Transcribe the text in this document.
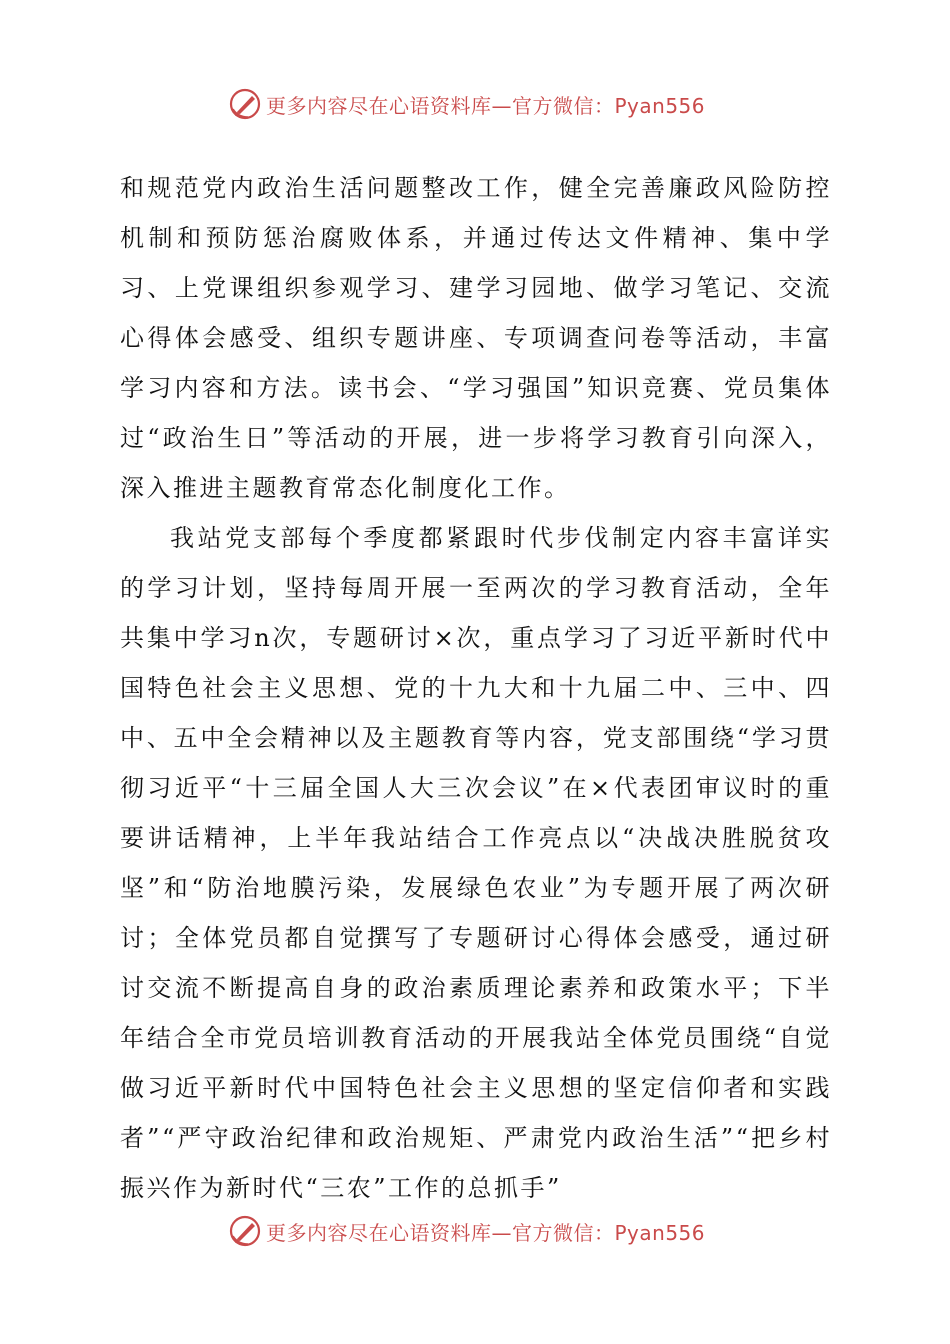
更多内容尽在心语资料库—官方微信：Pyan556

和规范党内政治生活问题整改工作，健全完善廉政风险防控机制和预防惩治腐败体系，并通过传达文件精神、集中学习、上党课组织参观学习、建学习园地、做学习笔记、交流心得体会感受、组织专题讲座、专项调查问卷等活动，丰富学习内容和方法。读书会、“学习强国”知识竞赛、党员集体过“政治生日”等活动的开展，进一步将学习教育引向深入，深入推进主题教育常态化制度化工作。

我站党支部每个季度都紧跟时代步伐制定内容丰富详实的学习计划，坚持每周开展一至两次的学习教育活动，全年共集中学习n次，专题研讨×次，重点学习了习近平新时代中国特色社会主义思想、党的十九大和十九届二中、三中、四中、五中全会精神以及主题教育等内容，党支部围绕“学习贯彻习近平“十三届全国人大三次会议”在×代表团审议时的重要讲话精神，上半年我站结合工作亮点以“决战决胜脱贫攻坚”和“防治地膜污染，发展绿色农业”为专题开展了两次研讨；全体党员都自觉撰写了专题研讨心得体会感受，通过研讨交流不断提高自身的政治素质理论素养和政策水平；下半年结合全市党员培训教育活动的开展我站全体党员围绕“自觉做习近平新时代中国特色社会主义思想的坚定信仰者和实践者”“严守政治纪律和政治规矩、严肃党内政治生活”“把乡村振兴作为新时代“三农”工作的总抓手”

更多内容尽在心语资料库—官方微信：Pyan556
